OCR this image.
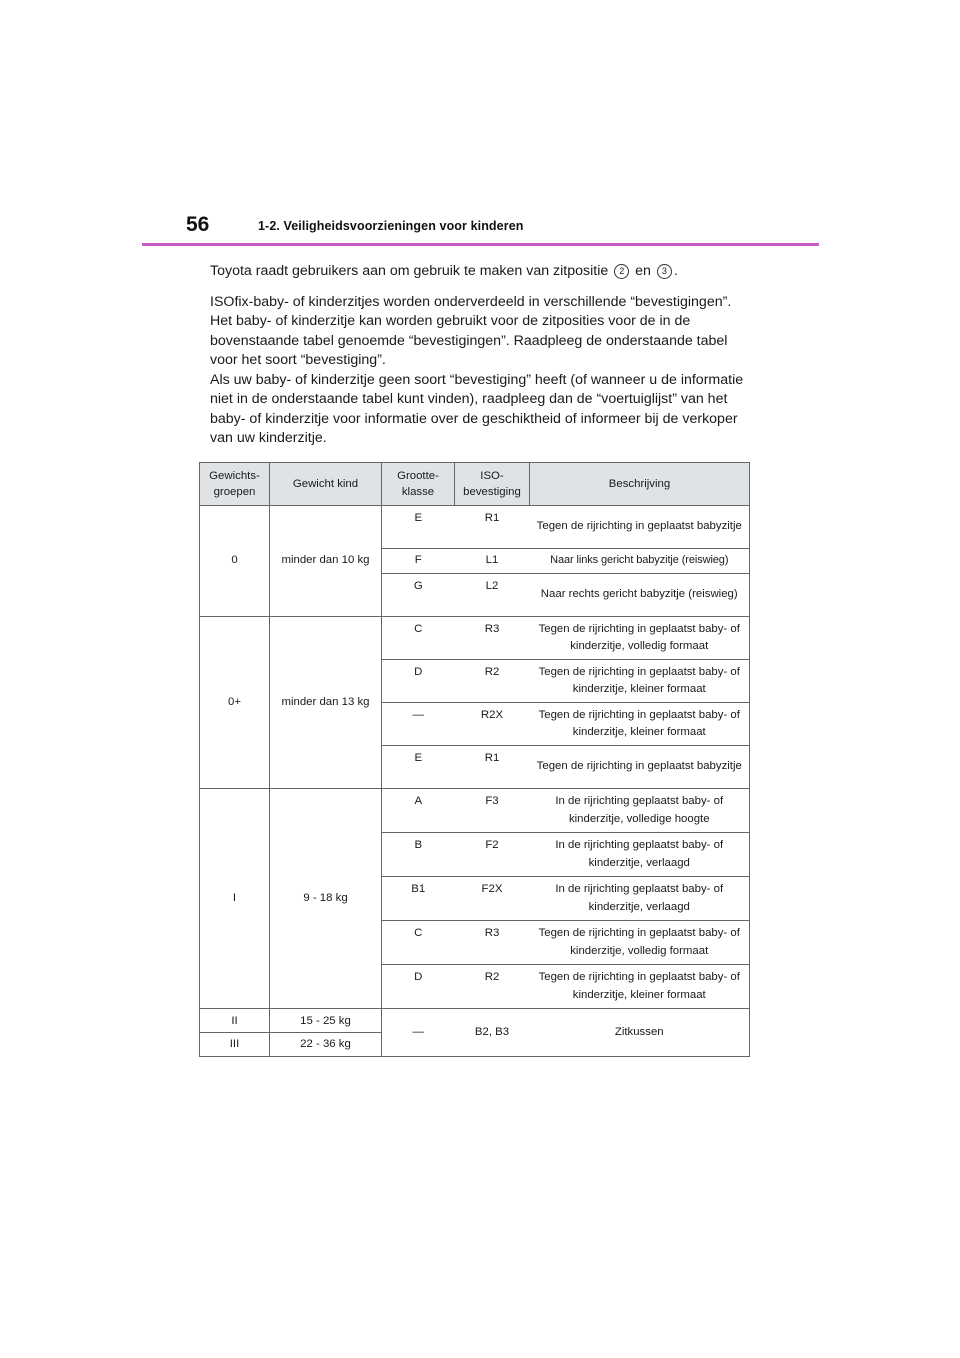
56	1-2. Veiligheidsvoorzieningen voor kinderen

Toyota raadt gebruikers aan om gebruik te maken van zitpositie 2 en 3 .

ISOfix-baby- of kinderzitjes worden onderverdeeld in verschillende “bevestigingen”. Het baby- of kinderzitje kan worden gebruikt voor de zitposities voor de in de bovenstaande tabel genoemde “bevestigingen”. Raadpleeg de onderstaande tabel voor het soort “bevestiging”.
Als uw baby- of kinderzitje geen soort “bevestiging” heeft (of wanneer u de informatie niet in de onderstaande tabel kunt vinden), raadpleeg dan de “voertuiglijst” van het baby- of kinderzitje voor informatie over de geschiktheid of informeer bij de verkoper van uw kinderzitje.

Gewichts- groepen	Gewicht kind	Grootte- klasse	ISO- bevestiging	Beschrijving
0	minder dan 10 kg	E	R1	Tegen de rijrichting in geplaatst babyzitje
		F	L1	Naar links gericht babyzitje (reiswieg)
		G	L2	Naar rechts gericht babyzitje (reiswieg)
0+	minder dan 13 kg	C	R3	Tegen de rijrichting in geplaatst baby- of kinderzitje, volledig formaat
		D	R2	Tegen de rijrichting in geplaatst baby- of kinderzitje, kleiner formaat
		—	R2X	Tegen de rijrichting in geplaatst baby- of kinderzitje, kleiner formaat
		E	R1	Tegen de rijrichting in geplaatst babyzitje
I	9 - 18 kg	A	F3	In de rijrichting geplaatst baby- of kinderzitje, volledige hoogte
		B	F2	In de rijrichting geplaatst baby- of kinderzitje, verlaagd
		B1	F2X	In de rijrichting geplaatst baby- of kinderzitje, verlaagd
		C	R3	Tegen de rijrichting in geplaatst baby- of kinderzitje, volledig formaat
		D	R2	Tegen de rijrichting in geplaatst baby- of kinderzitje, kleiner formaat
II	15 - 25 kg	—	B2, B3	Zitkussen
III	22 - 36 kg			
